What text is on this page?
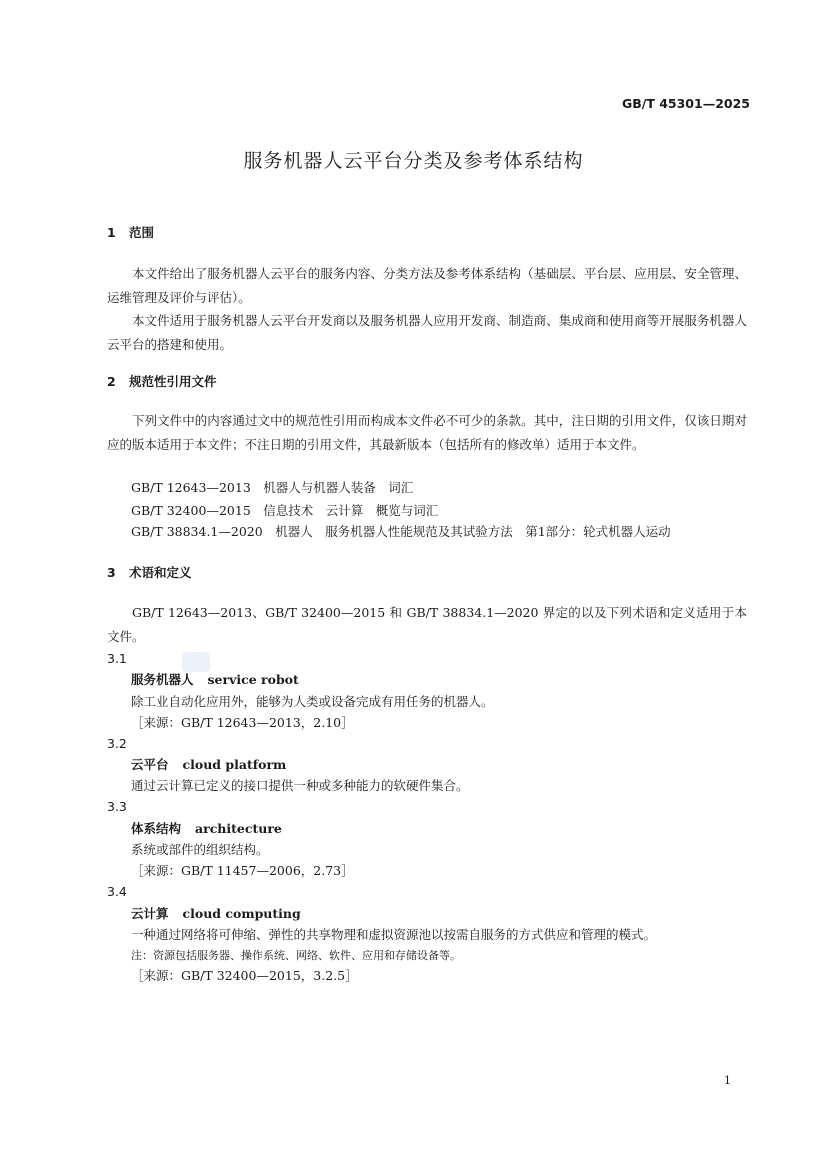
GB/T 45301—2025
服务机器人云平台分类及参考体系结构
1 范围

本文件给出了服务机器人云平台的服务内容、分类方法及参考体系结构（基础层、平台层、应用层、安全管理、运维管理及评价与评估）。

本文件适用于服务机器人云平台开发商以及服务机器人应用开发商、制造商、集成商和使用商等开展服务机器人云平台的搭建和使用。

2 规范性引用文件

下列文件中的内容通过文中的规范性引用而构成本文件必不可少的条款。其中，注日期的引用文件，仅该日期对应的版本适用于本文件；不注日期的引用文件，其最新版本（包括所有的修改单）适用于本文件。

GB/T 12643—2013　机器人与机器人装备　词汇
GB/T 32400—2015　信息技术　云计算　概览与词汇
GB/T 38834.1—2020　机器人　服务机器人性能规范及其试验方法　第1部分：轮式机器人运动
3 术语和定义

GB/T 12643—2013、GB/T 32400—2015 和 GB/T 38834.1—2020 界定的以及下列术语和定义适用于本文件。

3.1
服务机器人 service robot
除工业自动化应用外，能够为人类或设备完成有用任务的机器人。
［来源：GB/T 12643—2013，2.10］
3.2
云平台 cloud platform
通过云计算已定义的接口提供一种或多种能力的软硬件集合。
3.3
体系结构 architecture
系统或部件的组织结构。
［来源：GB/T 11457—2006，2.73］
3.4
云计算 cloud computing
一种通过网络将可伸缩、弹性的共享物理和虚拟资源池以按需自服务的方式供应和管理的模式。
注：资源包括服务器、操作系统、网络、软件、应用和存储设备等。
［来源：GB/T 32400—2015，3.2.5］
1
